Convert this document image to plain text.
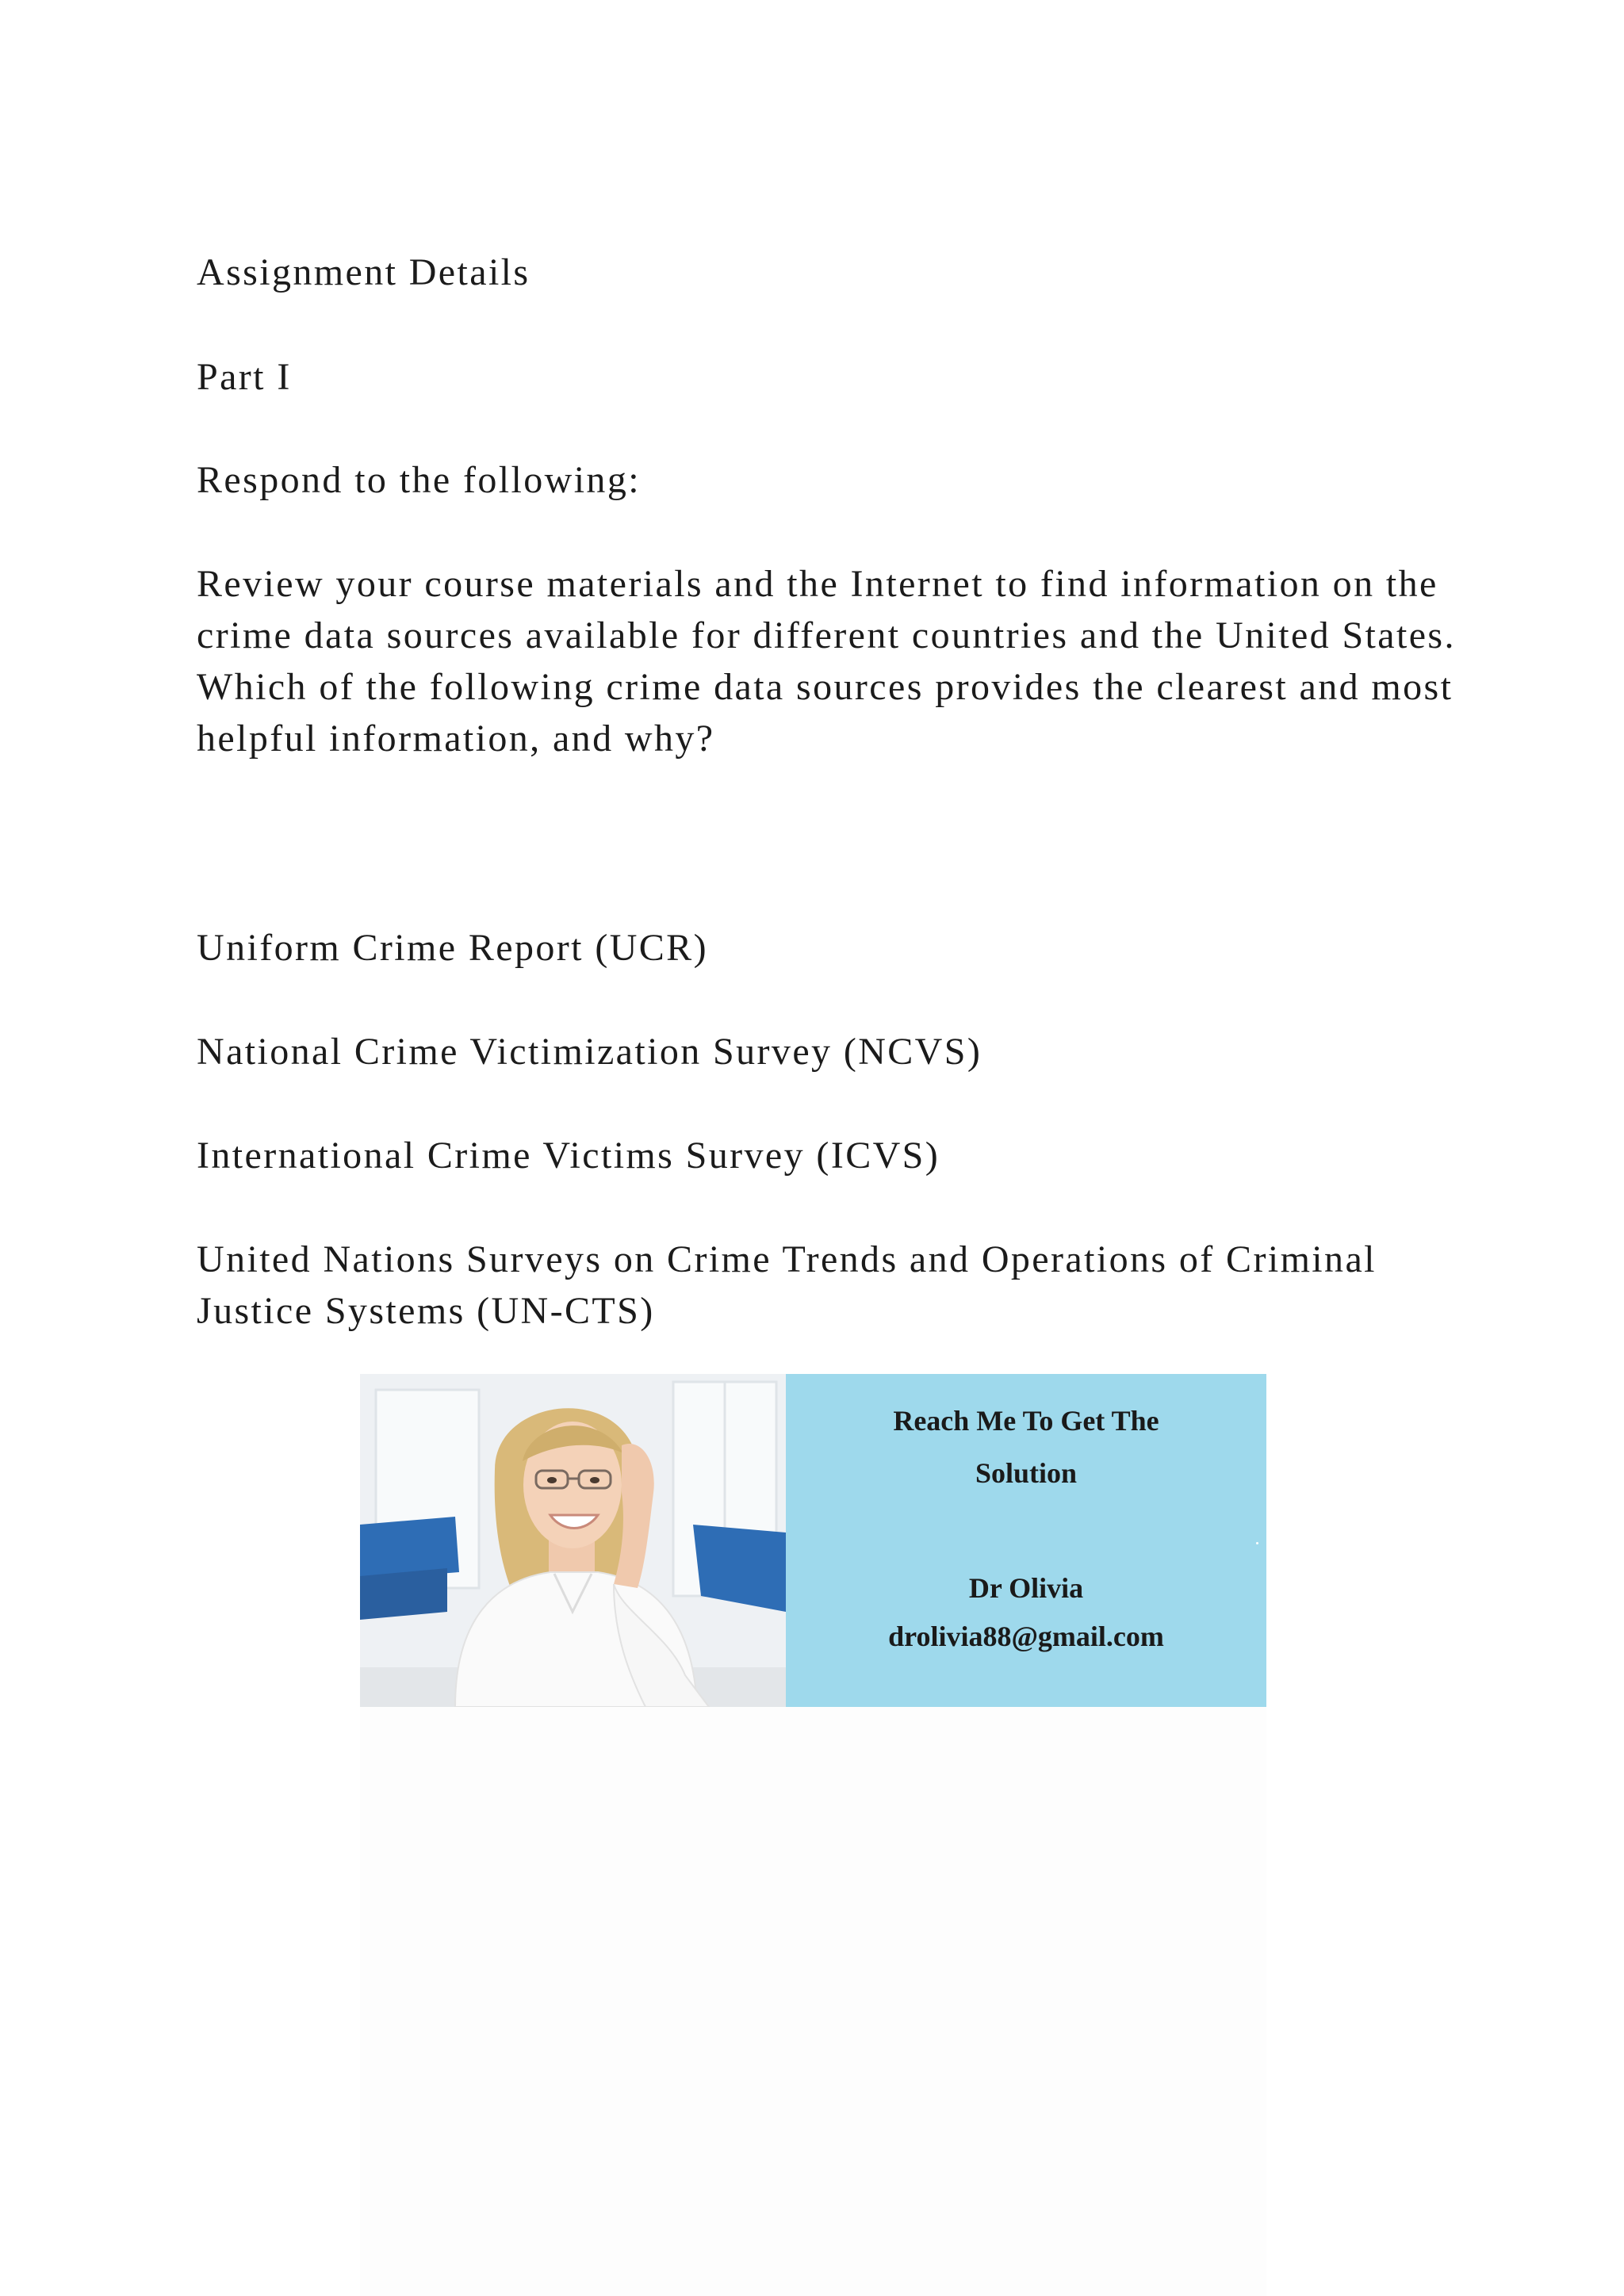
Assignment Details

Part I

Respond to the following:

Review your course materials and the Internet to find information on the crime data sources available for different countries and the United States. Which of the following crime data sources provides the clearest and most helpful information, and why?

Uniform Crime Report (UCR)

National Crime Victimization Survey (NCVS)

International Crime Victims Survey (ICVS)

United Nations Surveys on Crime Trends and Operations of Criminal Justice Systems (UN-CTS)

Reach Me To Get The
Solution
Dr Olivia
drolivia88@gmail.com
